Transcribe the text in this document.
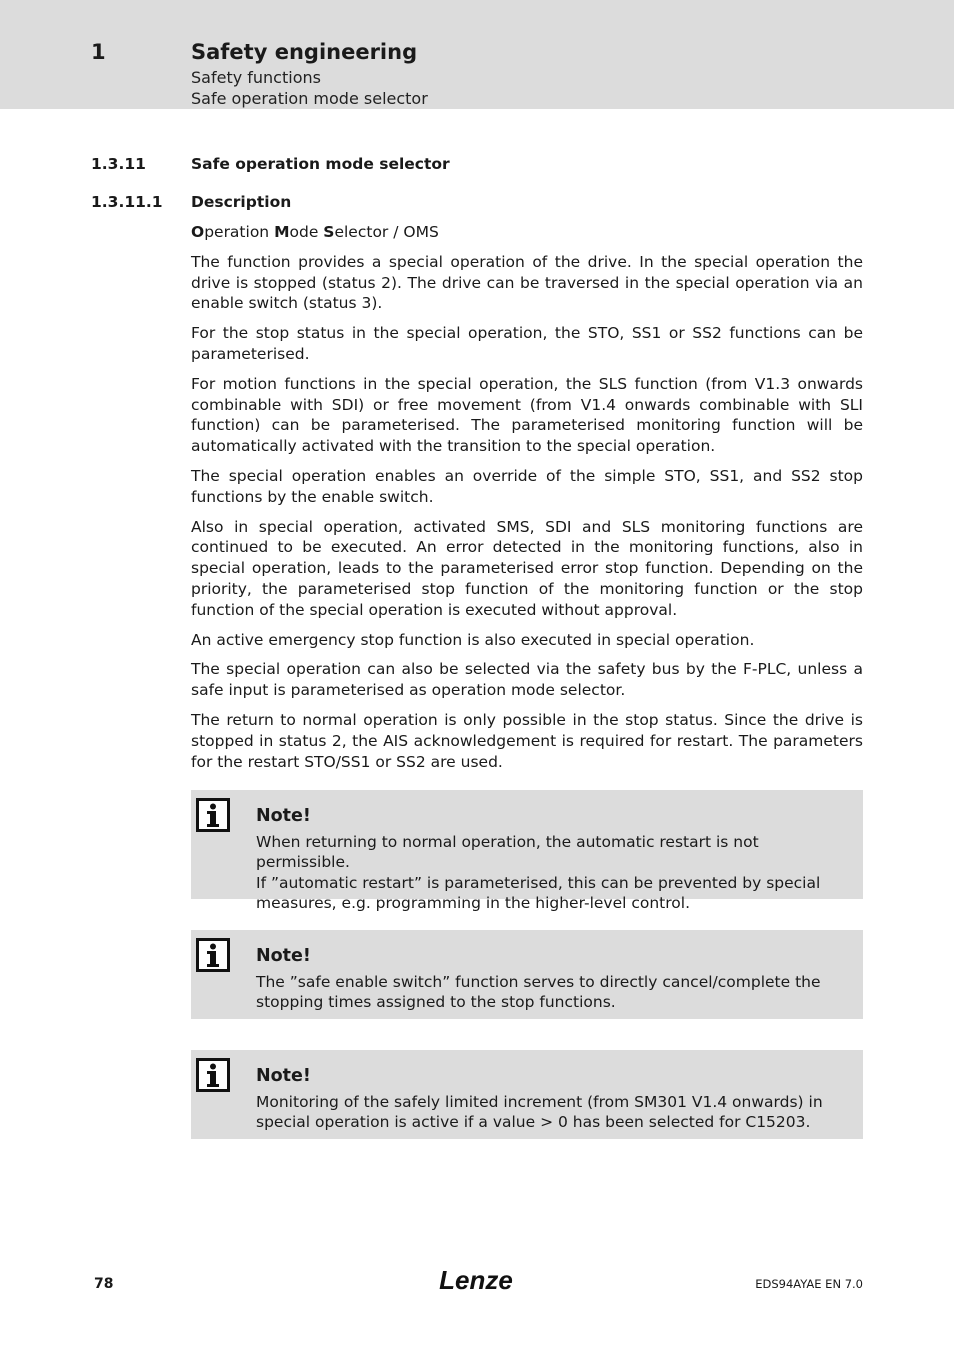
1	Safety engineering
Safety functions
Safe operation mode selector
1.3.11	Safe operation mode selector
1.3.11.1 Description

Operation Mode Selector / OMS

The function provides a special operation of the drive. In the special operation the drive is stopped (status 2). The drive can be traversed in the special operation via an enable switch (status 3).

For the stop status in the special operation, the STO, SS1 or SS2 functions can be parameterised.

For motion functions in the special operation, the SLS function (from V1.3 onwards combinable with SDI) or free movement (from V1.4 onwards combinable with SLI function) can be parameterised. The parameterised monitoring function will be automatically activated with the transition to the special operation.

The special operation enables an override of the simple STO, SS1, and SS2 stop functions by the enable switch.

Also in special operation, activated SMS, SDI and SLS monitoring functions are continued to be executed. An error detected in the monitoring functions, also in special operation, leads to the parameterised error stop function. Depending on the priority, the parameterised stop function of the monitoring function or the stop function of the special operation is executed without approval.

An active emergency stop function is also executed in special operation.

The special operation can also be selected via the safety bus by the F-PLC, unless a safe input is parameterised as operation mode selector.

The return to normal operation is only possible in the stop status. Since the drive is stopped in status 2, the AIS acknowledgement is required for restart. The parameters for the restart STO/SS1 or SS2 are used.

Note!
When returning to normal operation, the automatic restart is not permissible.
If ”automatic restart” is parameterised, this can be prevented by special
measures, e.g. programming in the higher-level control.
Note!
The ”safe enable switch” function serves to directly cancel/complete the
stopping times assigned to the stop functions.
Note!
Monitoring of the safely limited increment (from SM301 V1.4 onwards) in
special operation is active if a value > 0 has been selected for C15203.
78	Lenze	EDS94AYAE EN 7.0
